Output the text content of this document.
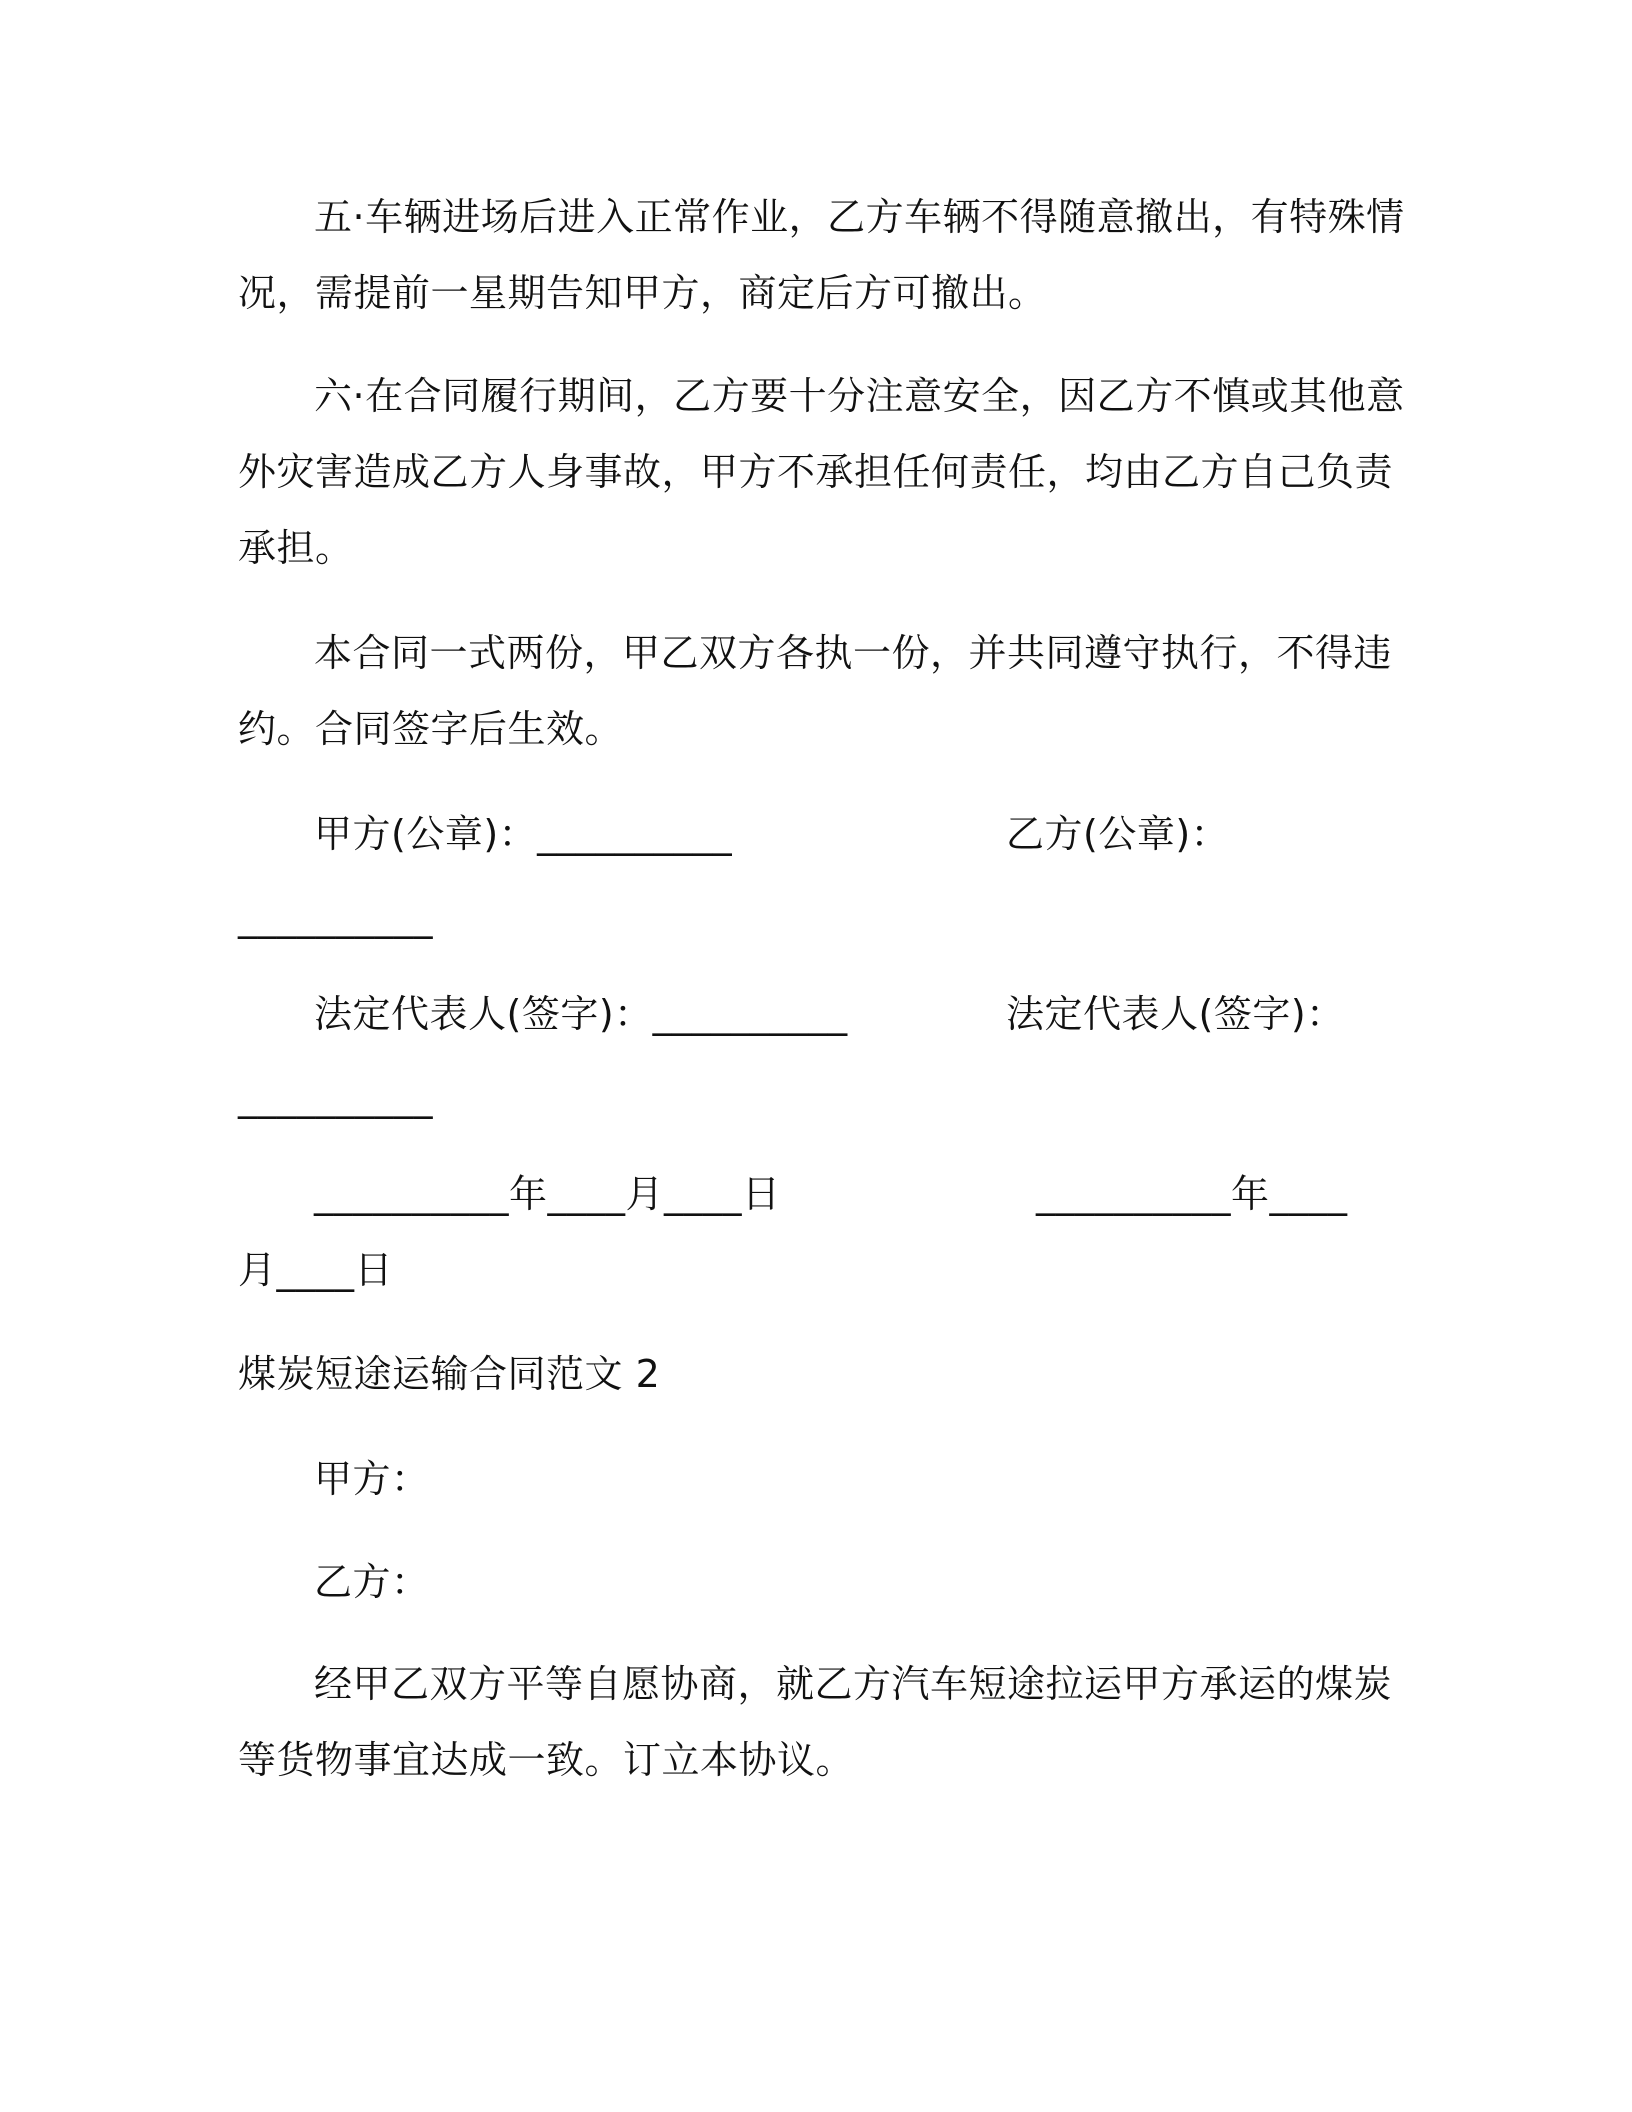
五·车辆进场后进入正常作业，乙方车辆不得随意撤出，有特殊情
况，需提前一星期告知甲方，商定后方可撤出。
六·在合同履行期间，乙方要十分注意安全，因乙方不慎或其他意
外灾害造成乙方人身事故，甲方不承担任何责任，均由乙方自己负责
承担。
本合同一式两份，甲乙双方各执一份，并共同遵守执行，不得违
约。合同签字后生效。
甲方(公章)：__________	乙方(公章)：
__________
法定代表人(签字)：__________	法定代表人(签字)：
__________
__________年____月____日	__________年____
月____日
煤炭短途运输合同范文 2
甲方：
乙方：
经甲乙双方平等自愿协商，就乙方汽车短途拉运甲方承运的煤炭
等货物事宜达成一致。订立本协议。
